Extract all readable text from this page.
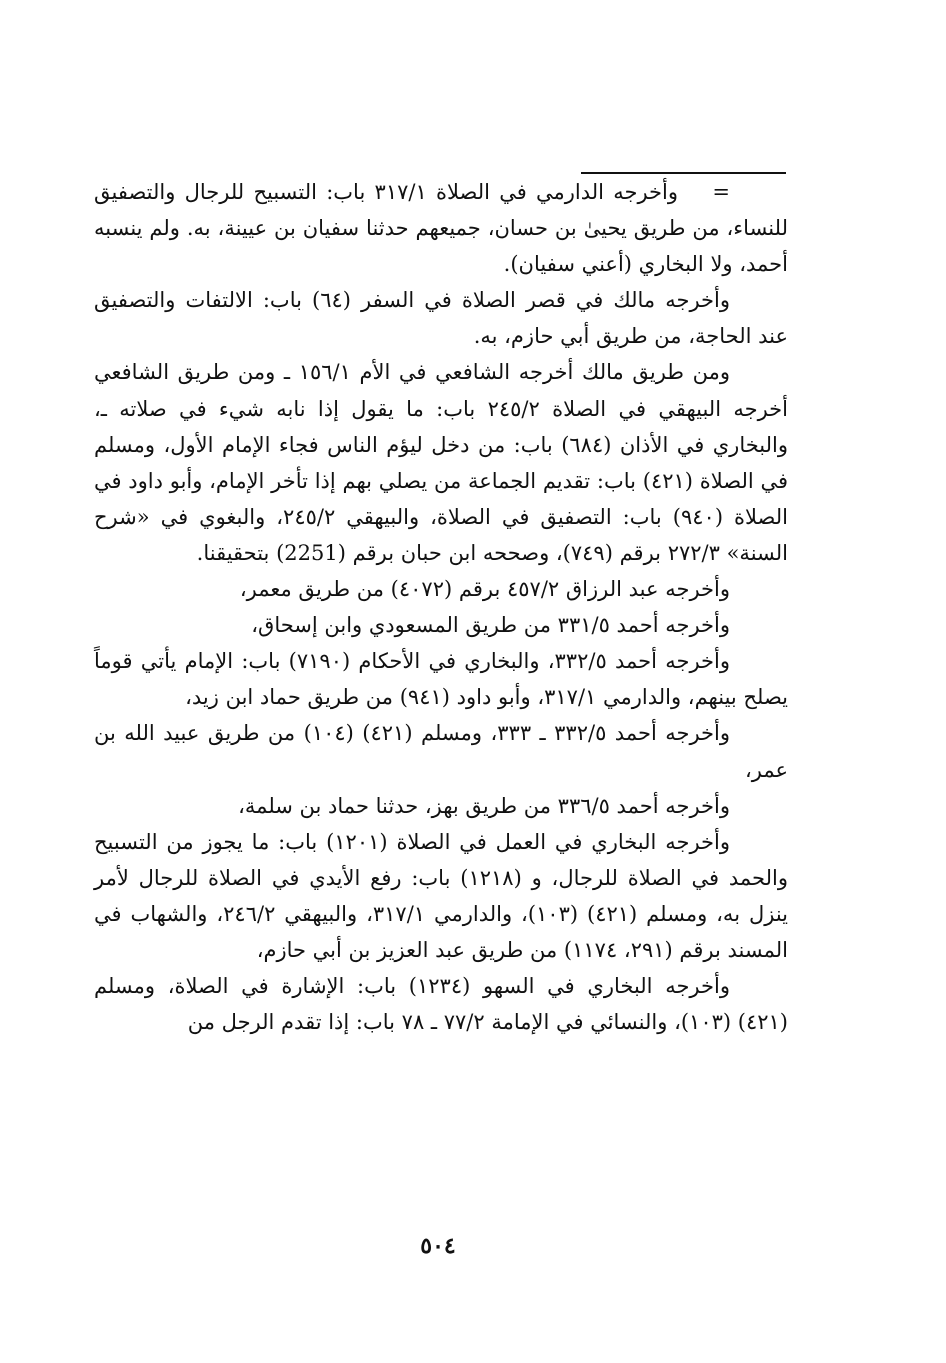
=وأخرجه الدارمي في الصلاة ٣١٧/١ باب: التسبيح للرجال والتصفيق للنساء، من طريق يحيىٰ بن حسان، جميعهم حدثنا سفيان بن عيينة، به. ولم ينسبه أحمد، ولا البخاري (أعني سفيان).

وأخرجه مالك في قصر الصلاة في السفر (٦٤) باب: الالتفات والتصفيق عند الحاجة، من طريق أبي حازم، به.

ومن طريق مالك أخرجه الشافعي في الأم ١٥٦/١ ـ ومن طريق الشافعي أخرجه البيهقي في الصلاة ٢٤٥/٢ باب: ما يقول إذا نابه شيء في صلاته ـ، والبخاري في الأذان (٦٨٤) باب: من دخل ليؤم الناس فجاء الإمام الأول، ومسلم في الصلاة (٤٢١) باب: تقديم الجماعة من يصلي بهم إذا تأخر الإمام، وأبو داود في الصلاة (٩٤٠) باب: التصفيق في الصلاة، والبيهقي ٢٤٥/٢، والبغوي في «شرح السنة» ٢٧٢/٣ برقم (٧٤٩)، وصححه ابن حبان برقم (2251) بتحقيقنا.

وأخرجه عبد الرزاق ٤٥٧/٢ برقم (٤٠٧٢) من طريق معمر،

وأخرجه أحمد ٣٣١/٥ من طريق المسعودي وابن إسحاق،

وأخرجه أحمد ٣٣٢/٥، والبخاري في الأحكام (٧١٩٠) باب: الإمام يأتي قوماً يصلح بينهم، والدارمي ٣١٧/١، وأبو داود (٩٤١) من طريق حماد ابن زيد،

وأخرجه أحمد ٣٣٢/٥ ـ ٣٣٣، ومسلم (٤٢١) (١٠٤) من طريق عبيد الله بن عمر،

وأخرجه أحمد ٣٣٦/٥ من طريق بهز، حدثنا حماد بن سلمة،

وأخرجه البخاري في العمل في الصلاة (١٢٠١) باب: ما يجوز من التسبيح والحمد في الصلاة للرجال، و (١٢١٨) باب: رفع الأيدي في الصلاة للرجال لأمر ينزل به، ومسلم (٤٢١) (١٠٣)، والدارمي ٣١٧/١، والبيهقي ٢٤٦/٢، والشهاب في المسند برقم (٢٩١، ١١٧٤) من طريق عبد العزيز بن أبي حازم،

وأخرجه البخاري في السهو (١٢٣٤) باب: الإشارة في الصلاة، ومسلم (٤٢١) (١٠٣)، والنسائي في الإمامة ٧٧/٢ ـ ٧٨ باب: إذا تقدم الرجل من

٥٠٤
